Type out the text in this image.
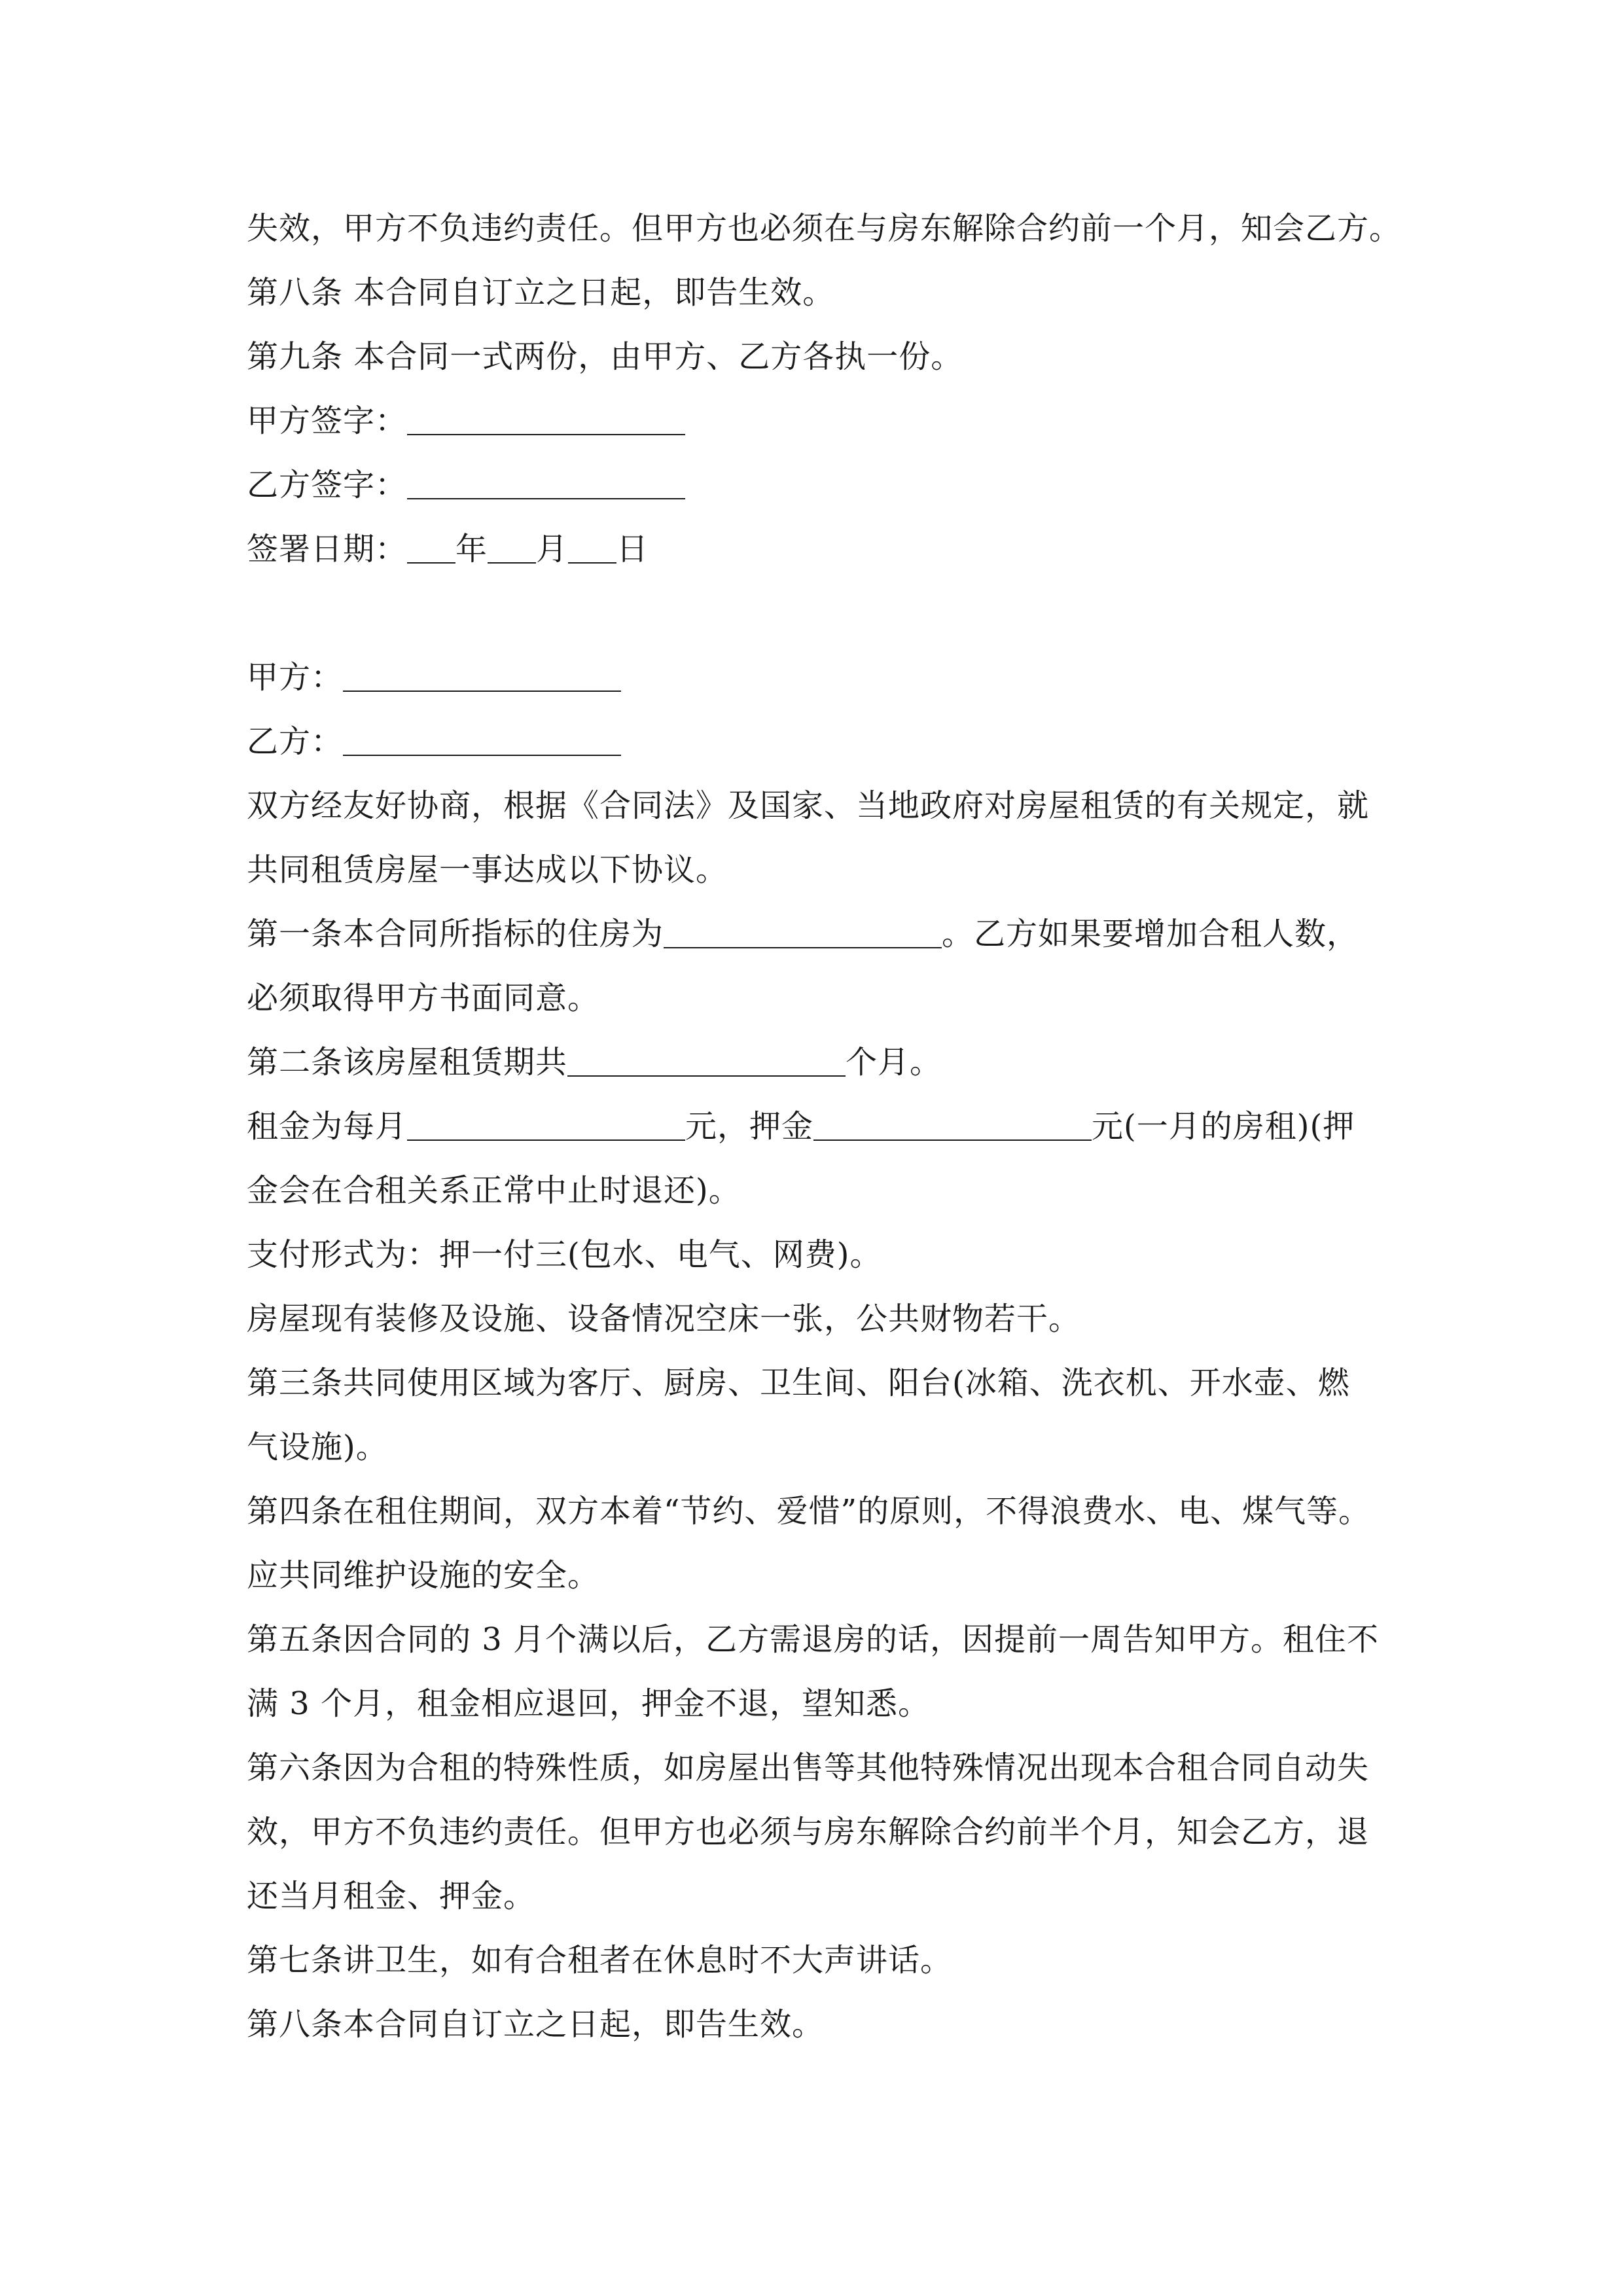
失效，甲方不负违约责任。但甲方也必须在与房东解除合约前一个月，知会乙方。
第八条 本合同自订立之日起，即告生效。
第九条 本合同一式两份，由甲方、乙方各执一份。
甲方签字：
乙方签字：
签署日期： 年 月 日
甲方：
乙方：
双方经友好协商，根据《合同法》及国家、当地政府对房屋租赁的有关规定，就
共同租赁房屋一事达成以下协议。
第一条本合同所指标的住房为	。乙方如果要增加合租人数，
必须取得甲方书面同意。
第二条该房屋租赁期共	个月。
租金为每月	元，押金	元(一月的房租)(押
金会在合租关系正常中止时退还)。
支付形式为：押一付三(包水、电气、网费)。
房屋现有装修及设施、设备情况空床一张，公共财物若干。
第三条共同使用区域为客厅、厨房、卫生间、阳台(冰箱、洗衣机、开水壶、燃
气设施)。
第四条在租住期间，双方本着“节约、爱惜”的原则，不得浪费水、电、煤气等。
应共同维护设施的安全。
第五条因合同的 3 月个满以后，乙方需退房的话，因提前一周告知甲方。租住不
满 3 个月，租金相应退回，押金不退，望知悉。
第六条因为合租的特殊性质，如房屋出售等其他特殊情况出现本合租合同自动失
效，甲方不负违约责任。但甲方也必须与房东解除合约前半个月，知会乙方，退
还当月租金、押金。
第七条讲卫生，如有合租者在休息时不大声讲话。
第八条本合同自订立之日起，即告生效。
